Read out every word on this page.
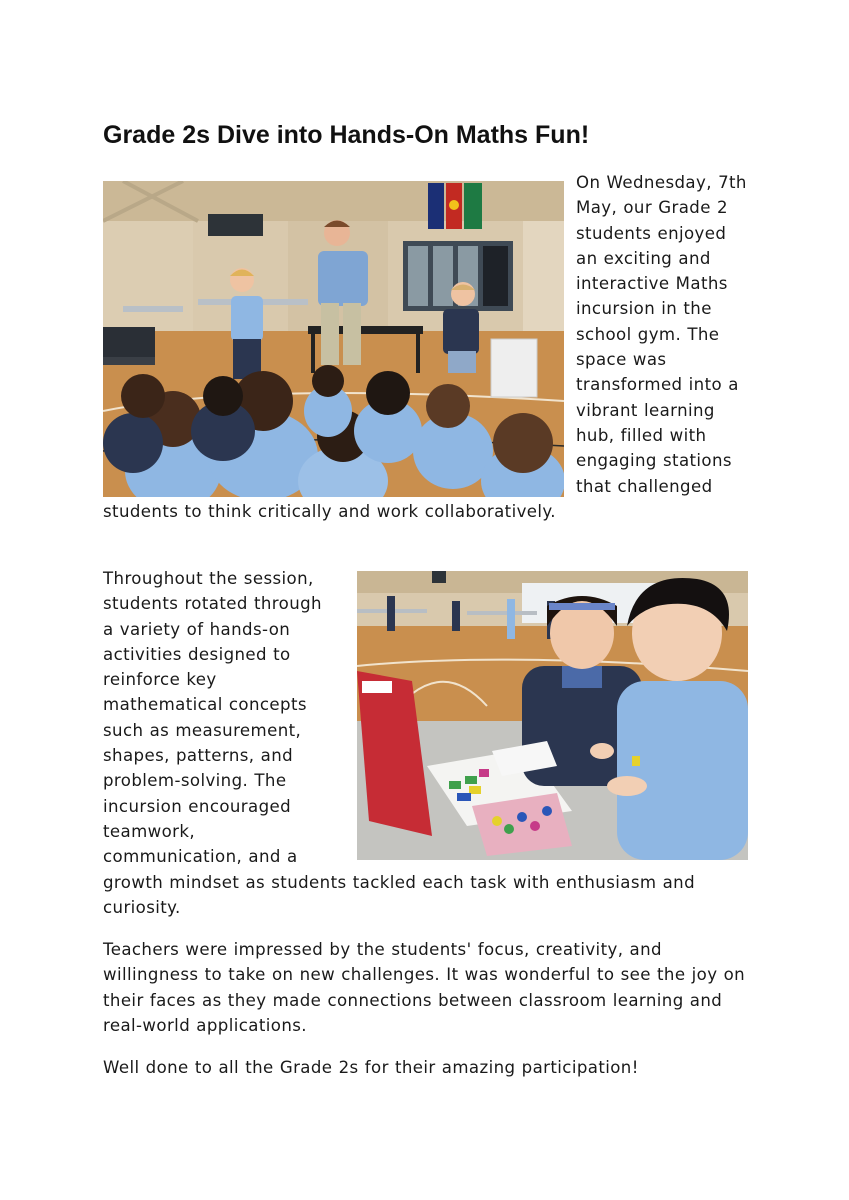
Grade 2s Dive into Hands-On Maths Fun!
On Wednesday, 7th May, our Grade 2 students enjoyed an exciting and interactive Maths incursion in the school gym. The space was transformed into a vibrant learning hub, filled with engaging stations that challenged students to think critically and work collaboratively.
Throughout the session, students rotated through a variety of hands-on activities designed to reinforce key mathematical concepts such as measurement, shapes, patterns, and problem-solving. The incursion encouraged teamwork, communication, and a growth mindset as students tackled each task with enthusiasm and curiosity.

Teachers were impressed by the students' focus, creativity, and willingness to take on new challenges. It was wonderful to see the joy on their faces as they made connections between classroom learning and real-world applications.

Well done to all the Grade 2s for their amazing participation!
